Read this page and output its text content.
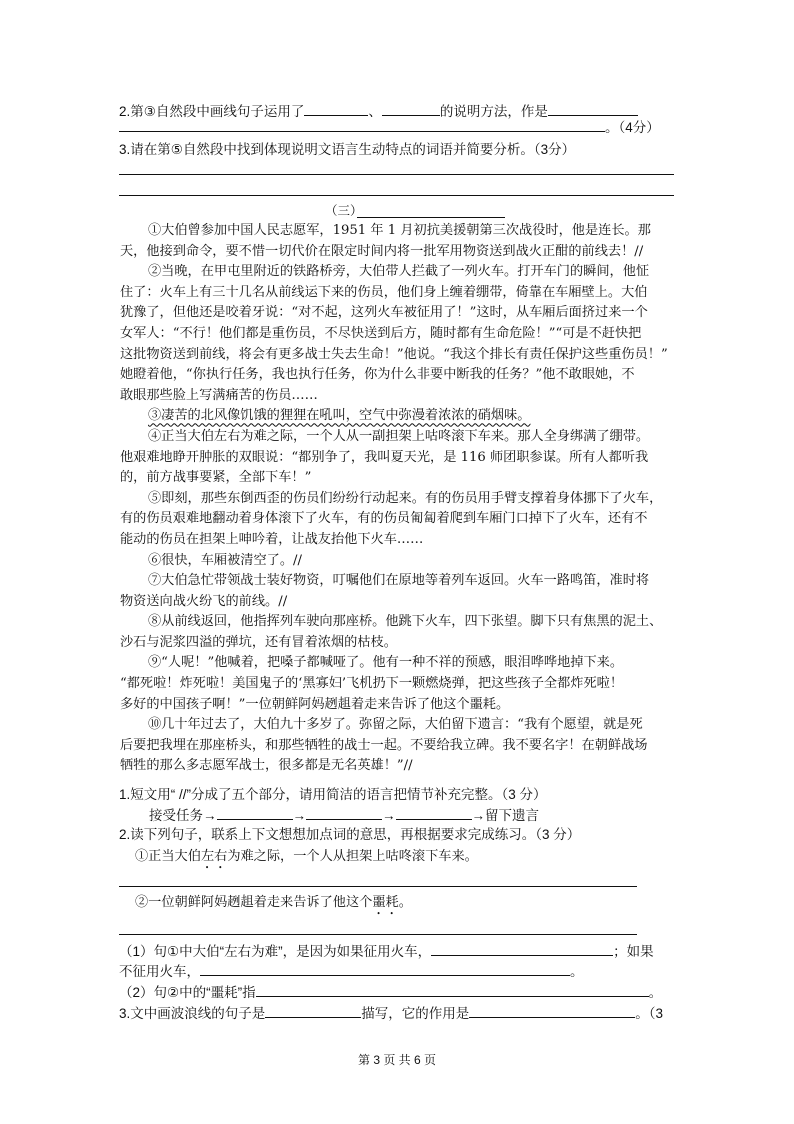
2.第③自然段中画线句子运用了	、	的说明方法，作是
。（4分）
3.请在第⑤自然段中找到体现说明文语言生动特点的词语并简要分析。（3分）
（三）
①大伯曾参加中国人民志愿军，1951 年 1 月初抗美援朝第三次战役时，他是连长。那
天，他接到命令，要不惜一切代价在限定时间内将一批军用物资送到战火正酣的前线去！//
②当晚，在甲屯里附近的铁路桥旁，大伯带人拦截了一列火车。打开车门的瞬间，他怔
住了：火车上有三十几名从前线运下来的伤员，他们身上缠着绷带，倚靠在车厢壁上。大伯
犹豫了，但他还是咬着牙说：“对不起，这列火车被征用了！”这时，从车厢后面挤过来一个
女军人：“不行！他们都是重伤员，不尽快送到后方，随时都有生命危险！”“可是不赶快把
这批物资送到前线，将会有更多战士失去生命！”他说。“我这个排长有责任保护这些重伤员！”
她瞪着他，“你执行任务，我也执行任务，你为什么非要中断我的任务？”他不敢眼她，不
敢眼那些脸上写满痛苦的伤员……
③凄苦的北风像饥饿的狸狸在吼叫，空气中弥漫着浓浓的硝烟味。
④正当大伯左右为难之际，一个人从一副担架上咕咚滚下车来。那人全身绑满了绷带。
他艰难地睁开肿胀的双眼说：“都别争了，我叫夏天光，是 116 师团职参谋。所有人都听我
的，前方战事要紧，全部下车！”
⑤即刻，那些东倒西歪的伤员们纷纷行动起来。有的伤员用手臂支撑着身体挪下了火车，
有的伤员艰难地翻动着身体滚下了火车，有的伤员匍匐着爬到车厢门口掉下了火车，还有不
能动的伤员在担架上呻吟着，让战友抬他下火车……
⑥很快，车厢被清空了。//
⑦大伯急忙带领战士装好物资，叮嘱他们在原地等着列车返回。火车一路鸣笛，准时将
物资送向战火纷飞的前线。//
⑧从前线返回，他指挥列车驶向那座桥。他跳下火车，四下张望。脚下只有焦黑的泥土、
沙石与泥浆四溢的弹坑，还有冒着浓烟的枯枝。
⑨“人呢！”他喊着，把嗓子都喊哑了。他有一种不祥的预感，眼泪哗哗地掉下来。
“都死啦！炸死啦！美国鬼子的‘黑寡妇’飞机扔下一颗燃烧弹，把这些孩子全都炸死啦！
多好的中国孩子啊！”一位朝鲜阿妈趔趄着走来告诉了他这个噩耗。
⑩几十年过去了，大伯九十多岁了。弥留之际，大伯留下遗言：“我有个愿望，就是死
后要把我埋在那座桥头，和那些牺牲的战士一起。不要给我立碑。我不要名字！在朝鲜战场
牺牲的那么多志愿军战士，很多都是无名英雄！”//
1.短文用“ //”分成了五个部分，请用简洁的语言把情节补充完整。（3 分）
接受任务→	→	→	→留下遗言
2.读下列句子，联系上下文想想加点词的意思，再根据要求完成练习。（3 分）
①正当大伯左右为难之际，一个人从担架上咕咚滚下车来。
②一位朝鲜阿妈趔趄着走来告诉了他这个噩耗。
（1）句①中大伯“左右为难”，是因为如果征用火车，	；如果
不征用火车，	。
（2）句②中的“噩耗”指	。
3.文中画波浪线的句子是	描写，它的作用是	。（3
第 3 页 共 6 页
